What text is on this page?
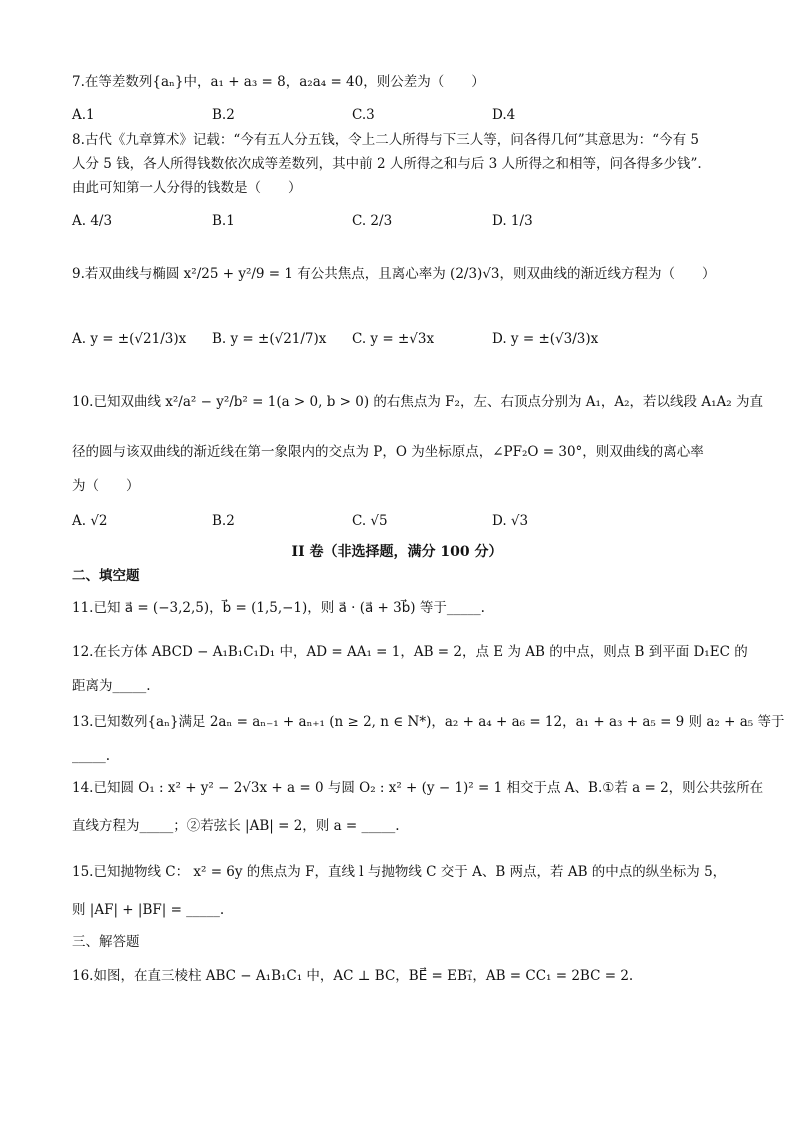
7.在等差数列{aₙ}中，a₁ + a₃ = 8，a₂a₄ = 40，则公差为（　　）
A.1	B.2	C.3	D.4
8.古代《九章算术》记载：“今有五人分五钱，令上二人所得与下三人等，问各得几何”其意思为：“今有 5
人分 5 钱，各人所得钱数依次成等差数列，其中前 2 人所得之和与后 3 人所得之和相等，问各得多少钱”.
由此可知第一人分得的钱数是（　　）
A. 4/3	B.1	C. 2/3	D. 1/3
9.若双曲线与椭圆 x²/25 + y²/9 = 1 有公共焦点，且离心率为 (2/3)√3，则双曲线的渐近线方程为（　　）
A. y = ±(√21/3)x B. y = ±(√21/7)x C. y = ±√3x	D. y = ±(√3/3)x
10.已知双曲线 x²/a² − y²/b² = 1(a > 0, b > 0) 的右焦点为 F₂，左、右顶点分别为 A₁，A₂，若以线段 A₁A₂ 为直
径的圆与该双曲线的渐近线在第一象限内的交点为 P，O 为坐标原点，∠PF₂O = 30°，则双曲线的离心率
为（　　）
A. √2	B.2	C. √5	D. √3
II 卷（非选择题，满分 100 分）
二、填空题
11.已知 a⃗ = (−3,2,5)，b⃗ = (1,5,−1)，则 a⃗ · (a⃗ + 3b⃗) 等于_____.
12.在长方体 ABCD − A₁B₁C₁D₁ 中，AD = AA₁ = 1，AB = 2，点 E 为 AB 的中点，则点 B 到平面 D₁EC 的
距离为_____.
13.已知数列{aₙ}满足 2aₙ = aₙ₋₁ + aₙ₊₁ (n ≥ 2, n ∈ N*)，a₂ + a₄ + a₆ = 12，a₁ + a₃ + a₅ = 9 则 a₂ + a₅ 等于
_____.
14.已知圆 O₁ : x² + y² − 2√3x + a = 0 与圆 O₂ : x² + (y − 1)² = 1 相交于点 A、B.①若 a = 2，则公共弦所在
直线方程为_____；②若弦长 |AB| = 2，则 a = _____.
15.已知抛物线 C： x² = 6y 的焦点为 F，直线 l 与抛物线 C 交于 A、B 两点，若 AB 的中点的纵坐标为 5，
则 |AF| + |BF| = _____.
三、解答题
16.如图，在直三棱柱 ABC − A₁B₁C₁ 中，AC ⊥ BC，BE⃗ = EB₁⃗，AB = CC₁ = 2BC = 2.
